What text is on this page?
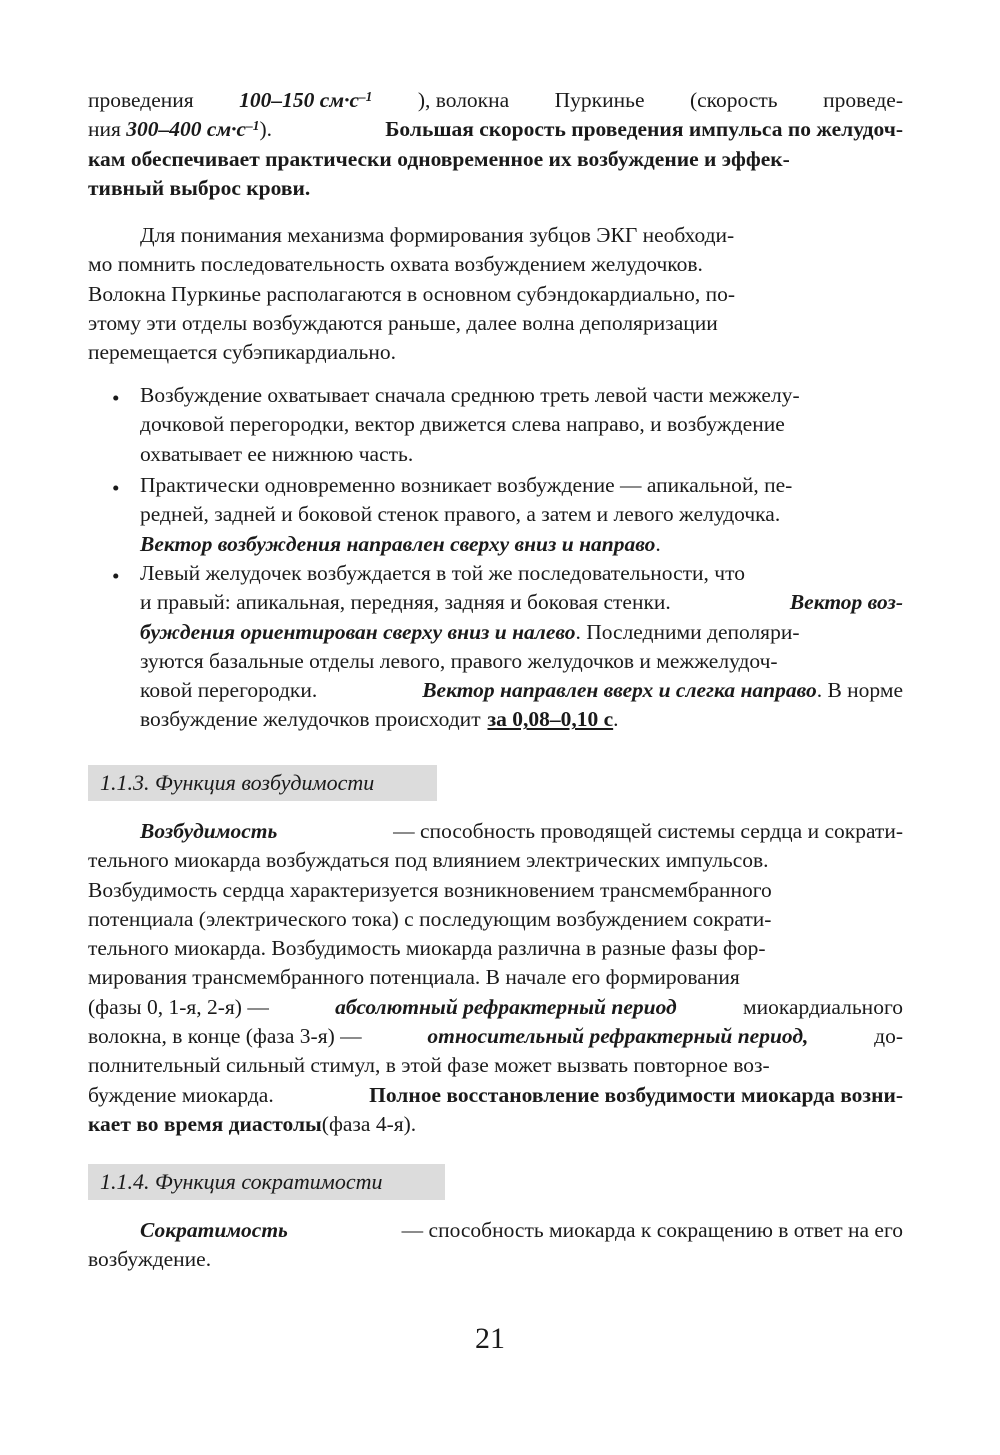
проведения 100–150 $см\cdot с^{-1}$ ), волокна Пуркинье (скорость проведе-
ния 300–400 $см\cdot с^{-1}$).	Большая скорость проведения импульса по желудоч-
кам обеспечивает практически одновременное их возбуждение и эффек-
тивный выброс крови.
Для понимания механизма формирования зубцов ЭКГ необходи-
мо помнить последовательность охвата возбуждением желудочков.
Волокна Пуркинье располагаются в основном субэндокардиально, по-
этому эти отделы возбуждаются раньше, далее волна деполяризации
перемещается субэпикардиально.
• Возбуждение охватывает сначала среднюю треть левой части межжелу-
дочковой перегородки, вектор движется слева направо, и возбуждение
охватывает ее нижнюю часть.
• Практически одновременно возникает возбуждение — апикальной, пе-
редней, задней и боковой стенок правого, а затем и левого желудочка.
Вектор возбуждения направлен сверху вниз и направо.
• Левый желудочек возбуждается в той же последовательности, что
и правый: апикальная, передняя, задняя и боковая стенки.	Вектор воз-
буждения ориентирован сверху вниз и налево. Последними деполяри-
зуются базальные отделы левого, правого желудочков и межжелудоч-
ковой перегородки.	Вектор направлен вверх и слегка направо. В норме
возбуждение желудочков происходит за 0,08–0,10 с.
1.1.3. Функция возбудимости
Возбудимость	— способность проводящей системы сердца и сократи-
тельного миокарда возбуждаться под влиянием электрических импульсов.
Возбудимость сердца характеризуется возникновением трансмембранного
потенциала (электрического тока) с последующим возбуждением сократи-
тельного миокарда. Возбудимость миокарда различна в разные фазы фор-
мирования трансмембранного потенциала. В начале его формирования
(фазы 0, 1-я, 2-я) —	абсолютный рефрактерный период	миокардиального
волокна, в конце (фаза 3-я) —	относительный рефрактерный период,	до-
полнительный сильный стимул, в этой фазе может вызвать повторное воз-
буждение миокарда.	Полное восстановление возбудимости миокарда возни-
кает во время диастолы (фаза 4-я).
1.1.4. Функция сократимости
Сократимость	— способность миокарда к сокращению в ответ на его
возбуждение.
21
